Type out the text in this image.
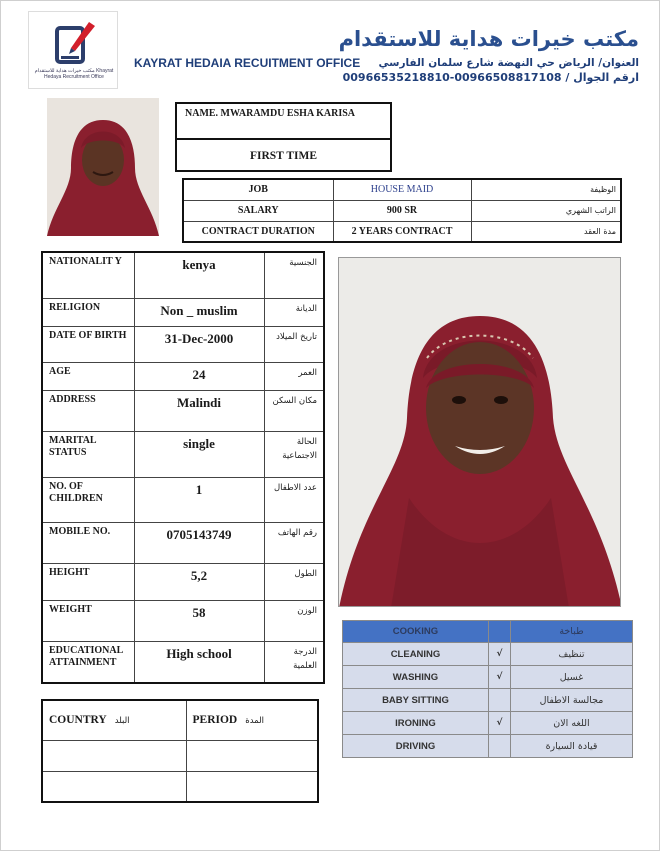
مكتب خيرات هداية للاستقدام Khayrat Hedaya Recruitment Office
KAYRAT HEDAIA RECUITMENT OFFICE
مكتب خيرات هداية للاستقدام
العنوان/ الرياض حي النهضة شارع سلمان الفارسي
00966535218810-00966508817108 / ارقم الجوال
NAME. MWARAMDU ESHA KARISA
FIRST TIME
JOB	HOUSE MAID	الوظيفة
SALARY	900 SR	الراتب الشهري
CONTRACT DURATION	2 YEARS CONTRACT	مدة العقد
NATIONALIT Y	kenya	الجنسية
RELIGION	Non _ muslim	الديانة
DATE OF BIRTH	31-Dec-2000	تاريخ الميلاد
AGE	24	العمر
ADDRESS	Malindi	مكان السكن
MARITAL STATUS	single	الحالة الاجتماعية
NO. OF CHILDREN	1	عدد الاطفال
MOBILE NO.	0705143749	رقم الهاتف
HEIGHT	5,2	الطول
WEIGHT	58	الوزن
EDUCATIONAL ATTAINMENT	High school	الدرجة العلمية
COOKING		طباخة
CLEANING	√	تنظيف
WASHING	√	غسيل
BABY SITTING		مجالسة الاطفال
IRONING	√	اللغه الان
DRIVING		قيادة السيارة
COUNTRY البلد	PERIOD المدة
